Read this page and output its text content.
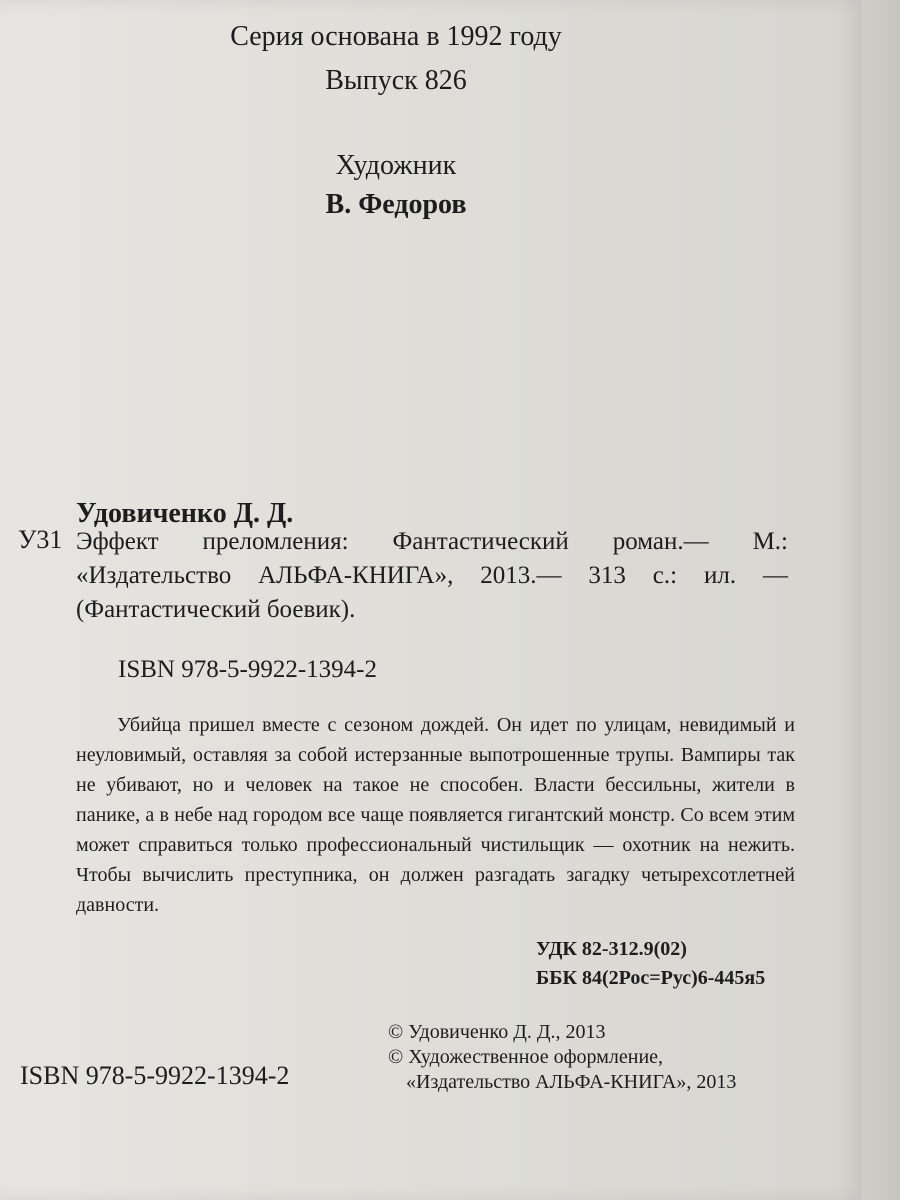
Серия основана в 1992 году
Выпуск 826
Художник
В. Федоров
Удовиченко Д. Д.
У31 Эффект преломления: Фантастический роман.— М.: «Издательство АЛЬФА-КНИГА», 2013.— 313 с.: ил. — (Фантастический боевик).

ISBN 978-5-9922-1394-2

Убийца пришел вместе с сезоном дождей. Он идет по улицам, невидимый и неуловимый, оставляя за собой истерзанные выпотрошенные трупы. Вампиры так не убивают, но и человек на такое не способен. Власти бессильны, жители в панике, а в небе над городом все чаще появляется гигантский монстр. Со всем этим может справиться только профессиональный чистильщик — охотник на нежить. Чтобы вычислить преступника, он должен разгадать загадку четырехсотлетней давности.

УДК 82-312.9(02)
ББК 84(2Рос=Рус)6-445я5
© Удовиченко Д. Д., 2013
© Художественное оформление,
«Издательство АЛЬФА-КНИГА», 2013
ISBN 978-5-9922-1394-2
